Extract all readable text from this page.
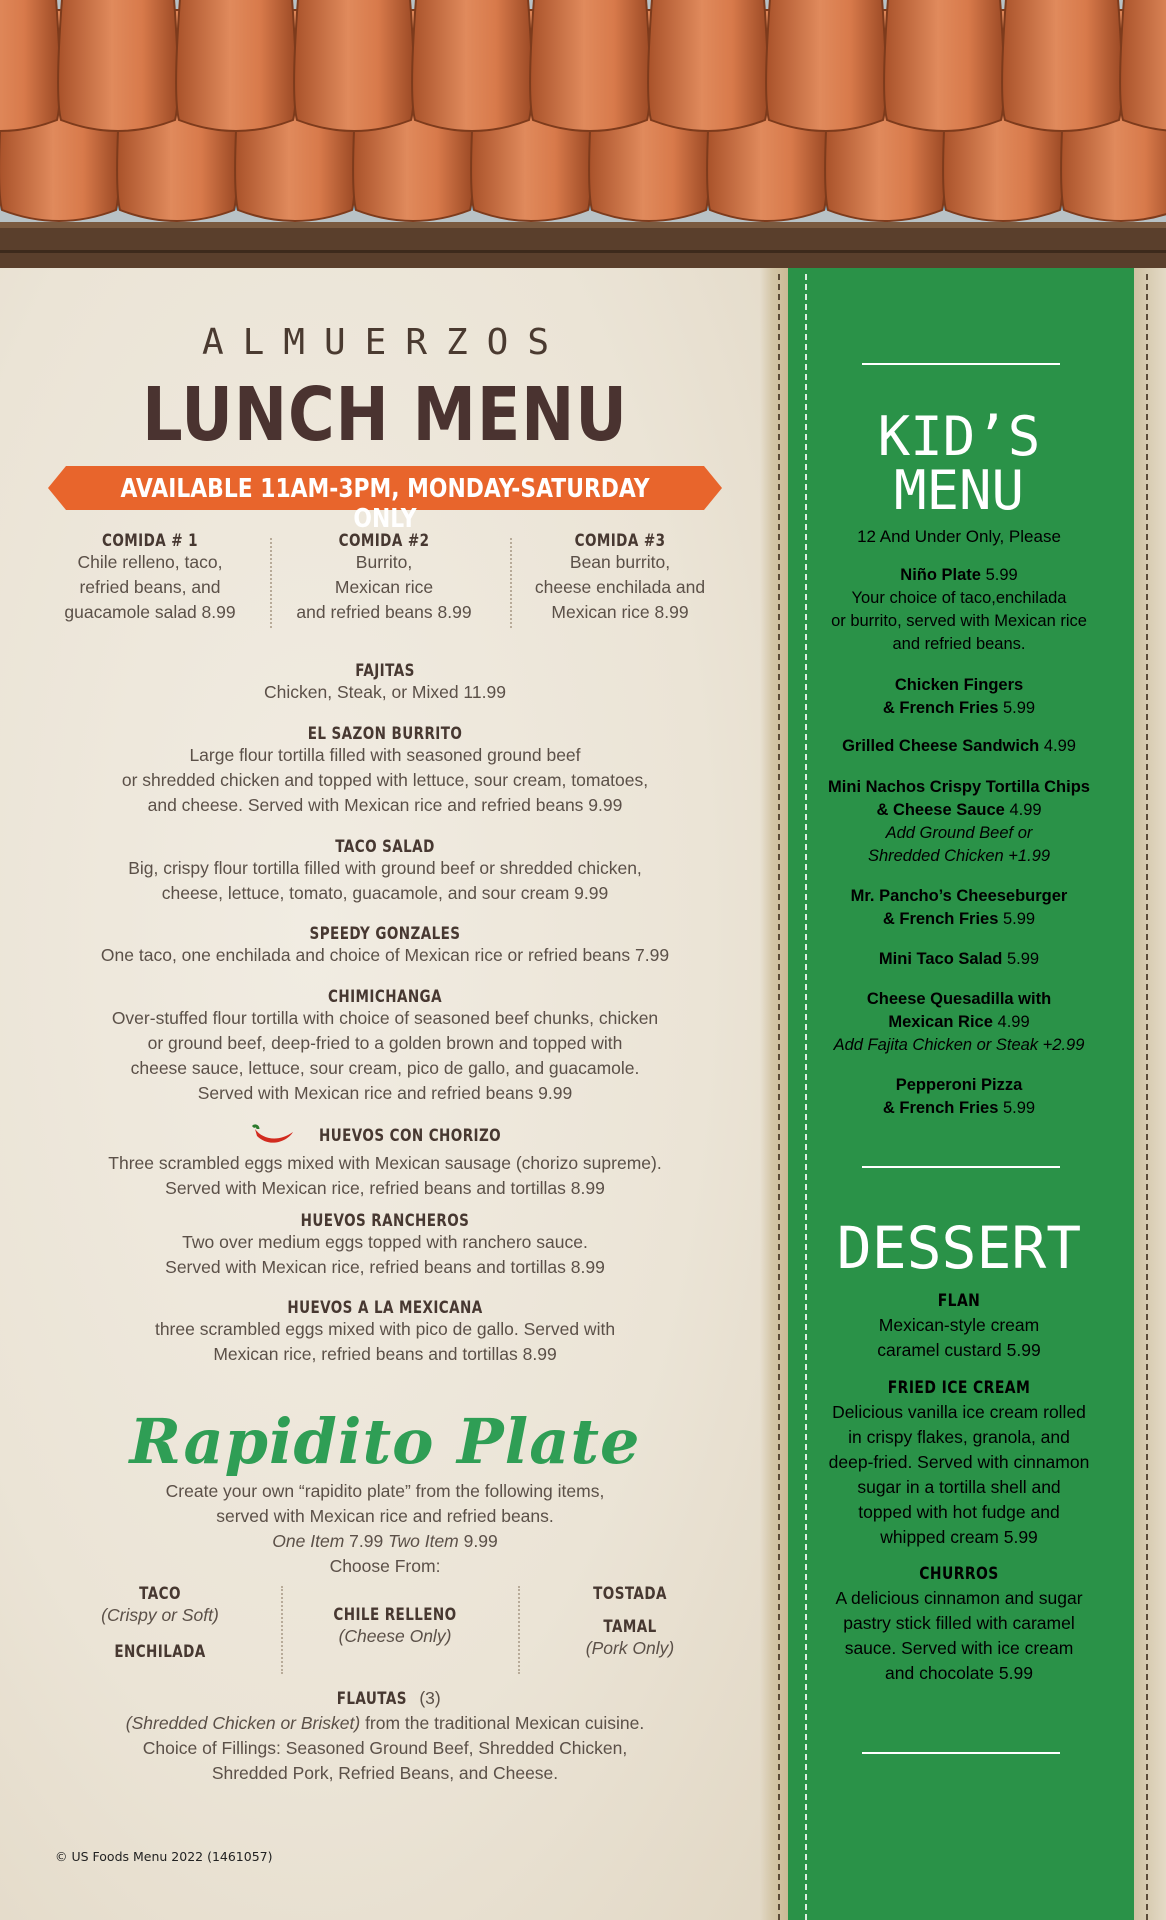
ALMUERZOS
LUNCH MENU
AVAILABLE 11AM-3PM, MONDAY-SATURDAY ONLY
COMIDA # 1
Chile relleno, taco,
refried beans, and
guacamole salad 8.99
COMIDA #2
Burrito,
Mexican rice
and refried beans 8.99
COMIDA #3
Bean burrito,
cheese enchilada and
Mexican rice 8.99
FAJITAS
Chicken, Steak, or Mixed 11.99
EL SAZON BURRITO
Large flour tortilla filled with seasoned ground beef
or shredded chicken and topped with lettuce, sour cream, tomatoes,
and cheese. Served with Mexican rice and refried beans 9.99
TACO SALAD
Big, crispy flour tortilla filled with ground beef or shredded chicken,
cheese, lettuce, tomato, guacamole, and sour cream 9.99
SPEEDY GONZALES
One taco, one enchilada and choice of Mexican rice or refried beans 7.99
CHIMICHANGA
Over-stuffed flour tortilla with choice of seasoned beef chunks, chicken
or ground beef, deep-fried to a golden brown and topped with
cheese sauce, lettuce, sour cream, pico de gallo, and guacamole.
Served with Mexican rice and refried beans 9.99
HUEVOS CON CHORIZO
Three scrambled eggs mixed with Mexican sausage (chorizo supreme).
Served with Mexican rice, refried beans and tortillas 8.99
HUEVOS RANCHEROS
Two over medium eggs topped with ranchero sauce.
Served with Mexican rice, refried beans and tortillas 8.99
HUEVOS A LA MEXICANA
three scrambled eggs mixed with pico de gallo. Served with
Mexican rice, refried beans and tortillas 8.99
Rapidito Plate
Create your own “rapidito plate” from the following items,
served with Mexican rice and refried beans.
One Item 7.99 Two Item 9.99
Choose From:
TACO
(Crispy or Soft)
ENCHILADA
CHILE RELLENO
(Cheese Only)
TOSTADA
TAMAL
(Pork Only)
FLAUTAS (3)
(Shredded Chicken or Brisket) from the traditional Mexican cuisine.
Choice of Fillings: Seasoned Ground Beef, Shredded Chicken,
Shredded Pork, Refried Beans, and Cheese.
© US Foods Menu 2022 (1461057)
KID’S
MENU
12 And Under Only, Please
Niño Plate 5.99
Your choice of taco,enchilada
or burrito, served with Mexican rice
and refried beans.
Chicken Fingers
& French Fries 5.99
Grilled Cheese Sandwich 4.99
Mini Nachos Crispy Tortilla Chips
& Cheese Sauce 4.99
Add Ground Beef or
Shredded Chicken +1.99
Mr. Pancho’s Cheeseburger
& French Fries 5.99
Mini Taco Salad 5.99
Cheese Quesadilla with
Mexican Rice 4.99
Add Fajita Chicken or Steak +2.99
Pepperoni Pizza
& French Fries 5.99
DESSERT
FLAN
Mexican-style cream
caramel custard 5.99
FRIED ICE CREAM
Delicious vanilla ice cream rolled
in crispy flakes, granola, and
deep-fried. Served with cinnamon
sugar in a tortilla shell and
topped with hot fudge and
whipped cream 5.99
CHURROS
A delicious cinnamon and sugar
pastry stick filled with caramel
sauce. Served with ice cream
and chocolate 5.99
